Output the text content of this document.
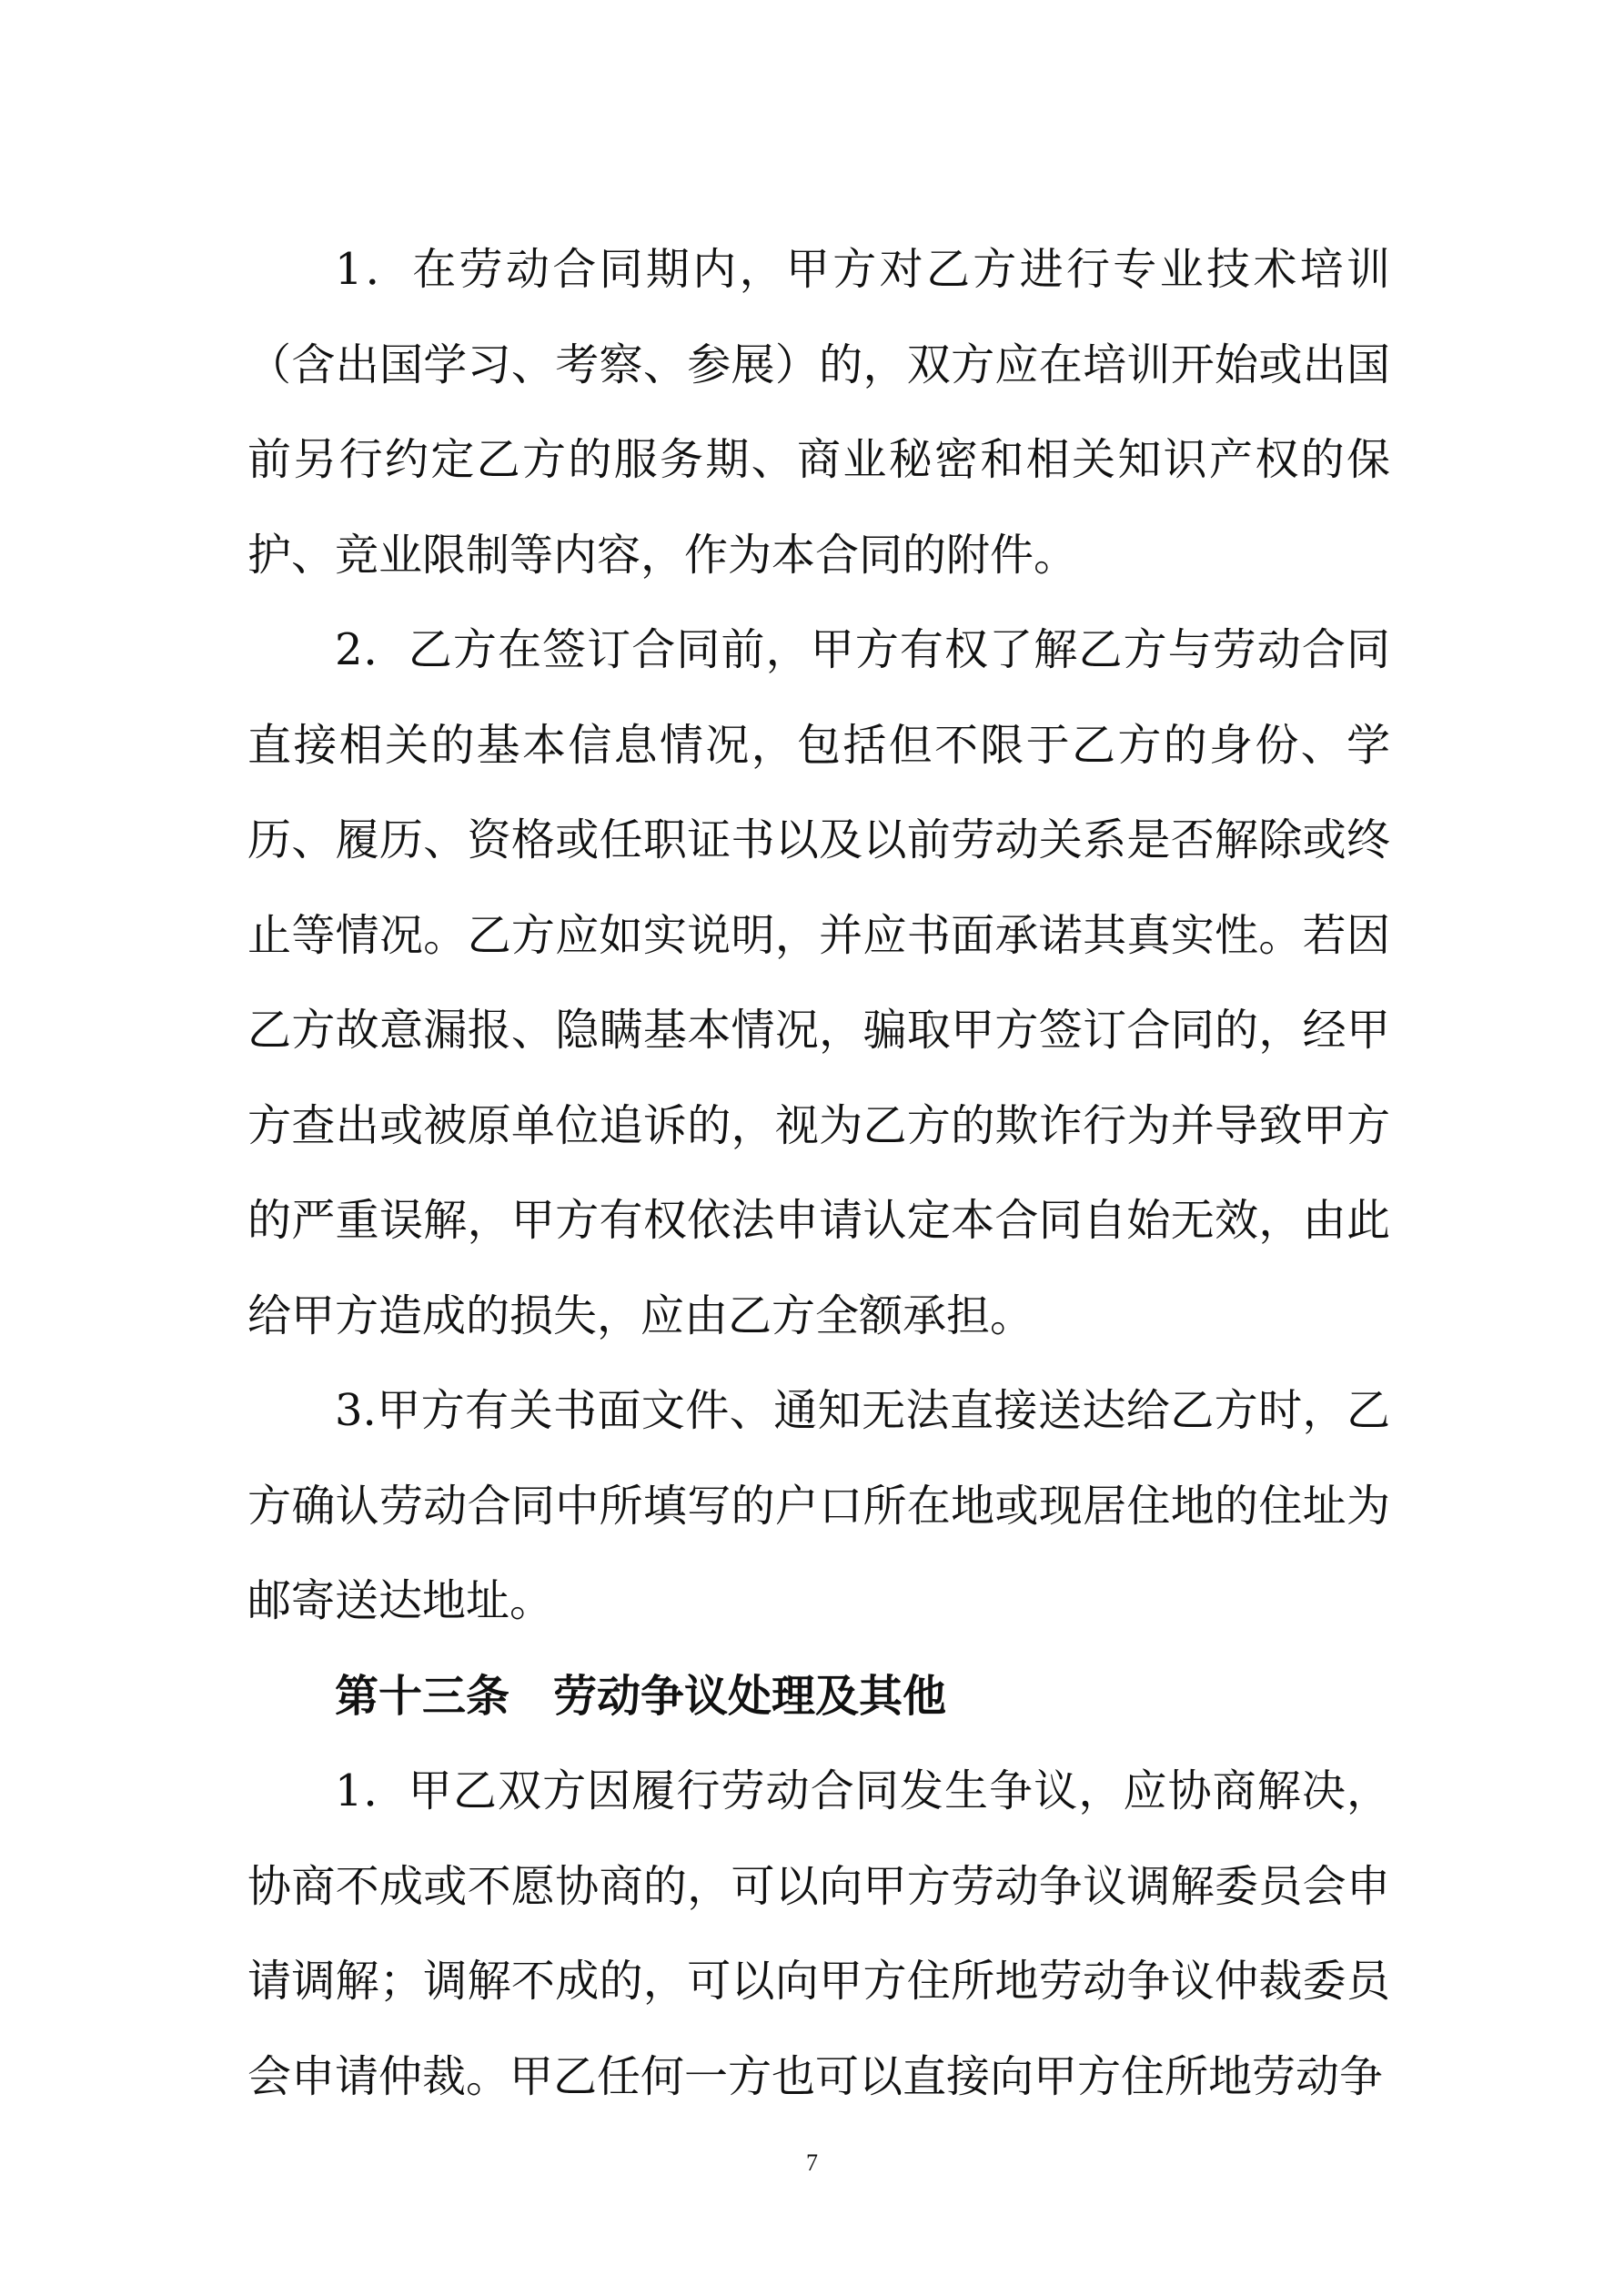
1．在劳动合同期内，甲方对乙方进行专业技术培训（含出国学习、考察、参展）的，双方应在培训开始或出国前另行约定乙方的服务期、商业秘密和相关知识产权的保护、竞业限制等内容，作为本合同的附件。

2．乙方在签订合同前，甲方有权了解乙方与劳动合同直接相关的基本信息情况，包括但不限于乙方的身份、学历、履历、资格或任职证书以及以前劳动关系是否解除或终止等情况。乙方应如实说明，并应书面承诺其真实性。若因乙方故意漏报、隐瞒基本情况，骗取甲方签订合同的，经甲方查出或被原单位追诉的，视为乙方的欺诈行为并导致甲方的严重误解，甲方有权依法申请认定本合同自始无效，由此给甲方造成的损失，应由乙方全额承担。

3.甲方有关书面文件、通知无法直接送达给乙方时，乙方确认劳动合同中所填写的户口所在地或现居住地的住址为邮寄送达地址。

第十三条　劳动争议处理及其他

1．甲乙双方因履行劳动合同发生争议，应协商解决，协商不成或不愿协商的，可以向甲方劳动争议调解委员会申请调解；调解不成的，可以向甲方住所地劳动争议仲裁委员会申请仲裁。甲乙任何一方也可以直接向甲方住所地劳动争

7
